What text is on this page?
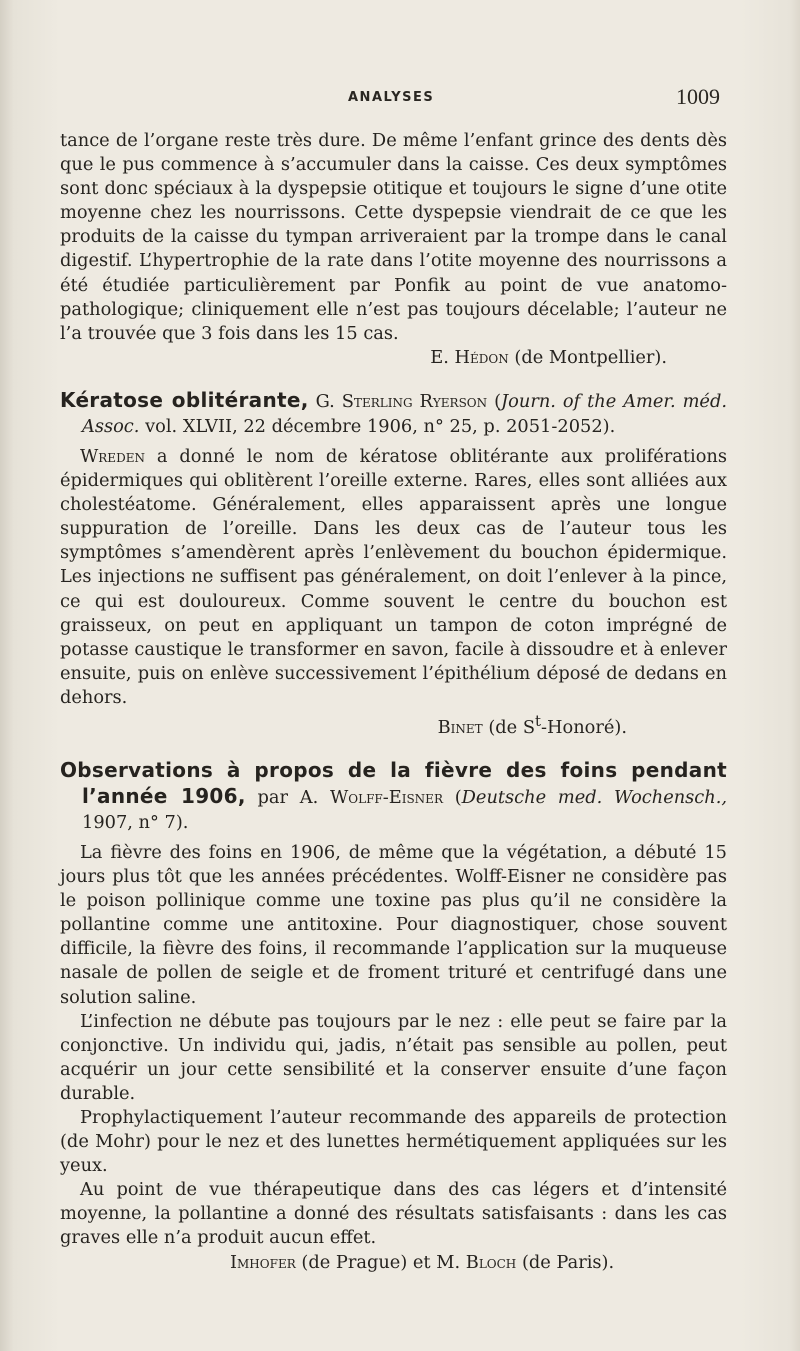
ANALYSES	1009

tance de l’organe reste très dure. De même l’enfant grince des dents dès que le pus commence à s’accumuler dans la caisse. Ces deux symptômes sont donc spéciaux à la dyspepsie otitique et toujours le signe d’une otite moyenne chez les nourrissons. Cette dyspepsie viendrait de ce que les produits de la caisse du tympan arriveraient par la trompe dans le canal digestif. L’hypertrophie de la rate dans l’otite moyenne des nourrissons a été étudiée particulièrement par Ponfik au point de vue anatomo-pathologique; cliniquement elle n’est pas toujours décelable; l’auteur ne l’a trouvée que 3 fois dans les 15 cas.

E. Hédon (de Montpellier).

Kératose oblitérante, G. Sterling Ryerson (Journ. of the Amer. méd. Assoc. vol. XLVII, 22 décembre 1906, n° 25, p. 2051-2052).

Wreden a donné le nom de kératose oblitérante aux proliférations épidermiques qui oblitèrent l’oreille externe. Rares, elles sont alliées aux cholestéatome. Généralement, elles apparaissent après une longue suppuration de l’oreille. Dans les deux cas de l’auteur tous les symptômes s’amendèrent après l’enlèvement du bouchon épidermique. Les injections ne suffisent pas généralement, on doit l’enlever à la pince, ce qui est douloureux. Comme souvent le centre du bouchon est graisseux, on peut en appliquant un tampon de coton imprégné de potasse caustique le transformer en savon, facile à dissoudre et à enlever ensuite, puis on enlève successivement l’épithélium déposé de dedans en dehors.

Binet (de $S^t-Honoré$).

Observations à propos de la fièvre des foins pendant l’année 1906, par A. Wolff-Eisner (Deutsche med. Wochensch., 1907, n° 7).

La fièvre des foins en 1906, de même que la végétation, a débuté 15 jours plus tôt que les années précédentes. Wolff-Eisner ne considère pas le poison pollinique comme une toxine pas plus qu’il ne considère la pollantine comme une antitoxine. Pour diagnostiquer, chose souvent difficile, la fièvre des foins, il recommande l’application sur la muqueuse nasale de pollen de seigle et de froment trituré et centrifugé dans une solution saline.

L’infection ne débute pas toujours par le nez : elle peut se faire par la conjonctive. Un individu qui, jadis, n’était pas sensible au pollen, peut acquérir un jour cette sensibilité et la conserver ensuite d’une façon durable.

Prophylactiquement l’auteur recommande des appareils de protection (de Mohr) pour le nez et des lunettes hermétiquement appliquées sur les yeux.

Au point de vue thérapeutique dans des cas légers et d’intensité moyenne, la pollantine a donné des résultats satisfaisants : dans les cas graves elle n’a produit aucun effet.

Imhofer (de Prague) et M. Bloch (de Paris).
